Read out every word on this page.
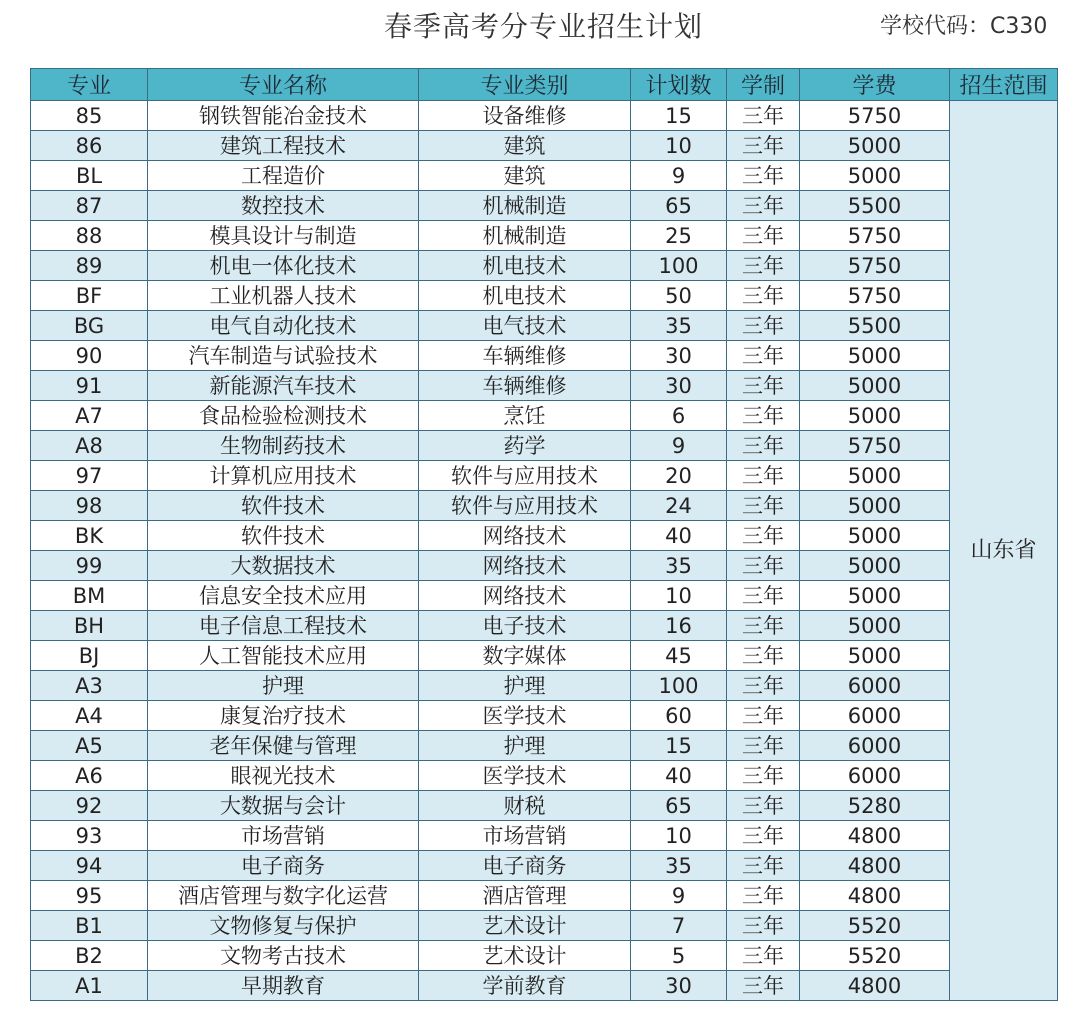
春季高考分专业招生计划	学校代码：C330
专业	专业名称	专业类别	计划数	学制	学费	招生范围
85	钢铁智能冶金技术	设备维修	15	三年	5750	山东省
86	建筑工程技术	建筑	10	三年	5000	
BL	工程造价	建筑	9	三年	5000	
87	数控技术	机械制造	65	三年	5500	
88	模具设计与制造	机械制造	25	三年	5750	
89	机电一体化技术	机电技术	100	三年	5750	
BF	工业机器人技术	机电技术	50	三年	5750	
BG	电气自动化技术	电气技术	35	三年	5500	
90	汽车制造与试验技术	车辆维修	30	三年	5000	
91	新能源汽车技术	车辆维修	30	三年	5000	
A7	食品检验检测技术	烹饪	6	三年	5000	
A8	生物制药技术	药学	9	三年	5750	
97	计算机应用技术	软件与应用技术	20	三年	5000	
98	软件技术	软件与应用技术	24	三年	5000	
BK	软件技术	网络技术	40	三年	5000	
99	大数据技术	网络技术	35	三年	5000	
BM	信息安全技术应用	网络技术	10	三年	5000	
BH	电子信息工程技术	电子技术	16	三年	5000	
BJ	人工智能技术应用	数字媒体	45	三年	5000	
A3	护理	护理	100	三年	6000	
A4	康复治疗技术	医学技术	60	三年	6000	
A5	老年保健与管理	护理	15	三年	6000	
A6	眼视光技术	医学技术	40	三年	6000	
92	大数据与会计	财税	65	三年	5280	
93	市场营销	市场营销	10	三年	4800	
94	电子商务	电子商务	35	三年	4800	
95	酒店管理与数字化运营	酒店管理	9	三年	4800	
B1	文物修复与保护	艺术设计	7	三年	5520	
B2	文物考古技术	艺术设计	5	三年	5520	
A1	早期教育	学前教育	30	三年	4800	
